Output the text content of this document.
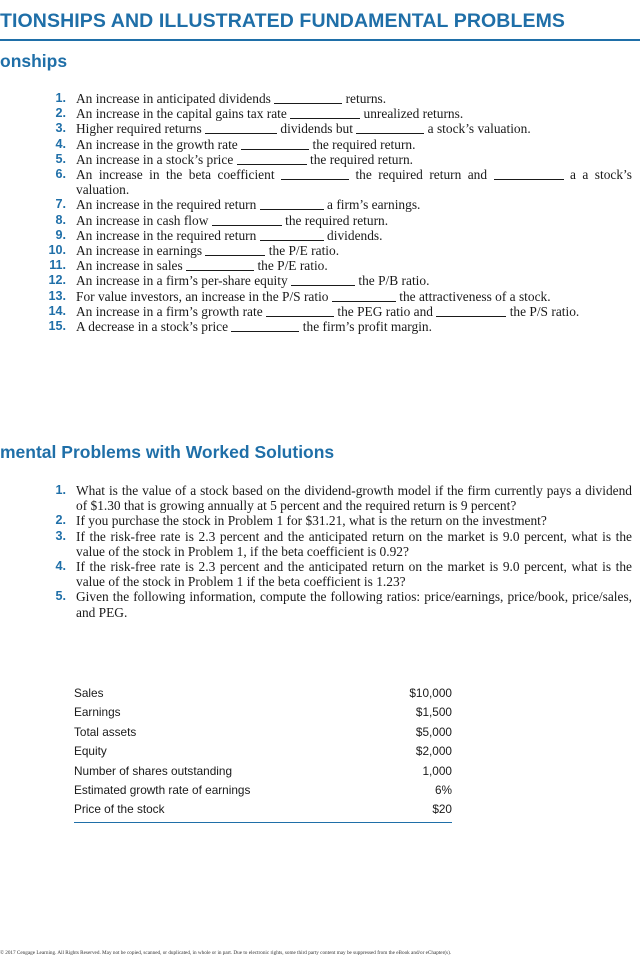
TIONSHIPS AND ILLUSTRATED FUNDAMENTAL PROBLEMS
onships
1. An increase in anticipated dividends	returns.
2. An increase in the capital gains tax rate	unrealized returns.
3. Higher required returns	dividends but	a stock’s valuation.
4. An increase in the growth rate	the required return.
5. An increase in a stock’s price	the required return.
6. An increase in the beta coefficient	the required return and	a a stock’s valuation.
7. An increase in the required return	a firm’s earnings.
8. An increase in cash flow	the required return.
9. An increase in the required return	dividends.
10. An increase in earnings	the P/E ratio.
11. An increase in sales	the P/E ratio.
12. An increase in a firm’s per-share equity	the P/B ratio.
13. For value investors, an increase in the P/S ratio	the attractiveness of a stock.
14. An increase in a firm’s growth rate	the PEG ratio and	the P/S ratio.
15. A decrease in a stock’s price	the firm’s profit margin.
mental Problems with Worked Solutions
1. What is the value of a stock based on the dividend-growth model if the firm currently pays a dividend of $1.30 that is growing annually at 5 percent and the required return is 9 percent?
2. If you purchase the stock in Problem 1 for $31.21, what is the return on the investment?
3. If the risk-free rate is 2.3 percent and the anticipated return on the market is 9.0 percent, what is the value of the stock in Problem 1, if the beta coefficient is 0.92?
4. If the risk-free rate is 2.3 percent and the anticipated return on the market is 9.0 percent, what is the value of the stock in Problem 1 if the beta coefficient is 1.23?
5. Given the following information, compute the following ratios: price/earnings, price/book, price/sales, and PEG.
Sales	$10,000
Earnings	$1,500
Total assets	$5,000
Equity	$2,000
Number of shares outstanding	1,000
Estimated growth rate of earnings	6%
Price of the stock	$20
© 2017 Cengage Learning. All Rights Reserved. May not be copied, scanned, or duplicated, in whole or in part. Due to electronic rights, some third party content may be suppressed from the eBook and/or eChapter(s).
